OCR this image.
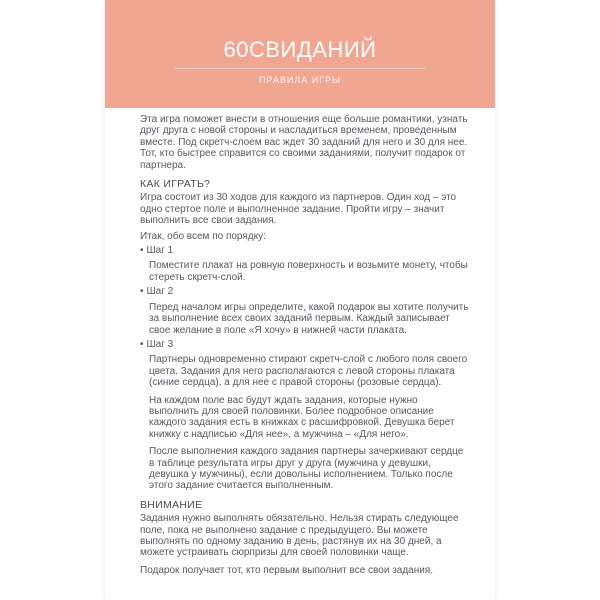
60СВИДАНИЙ
ПРАВИЛА ИГРЫ

Эта игра поможет внести в отношения еще больше романтики, узнать друг друга с новой стороны и насладиться временем, проведенным вместе. Под скретч-слоем вас ждет 30 заданий для него и 30 для нее. Тот, кто быстрее справится со своими заданиями, получит подарок от партнера.

КАК ИГРАТЬ?

Игра состоит из 30 ходов для каждого из партнеров. Один ход – это одно стертое поле и выполненное задание. Пройти игру – значит выполнить все свои задания.

Итак, обо всем по порядку:

• Шаг 1

Поместите плакат на ровную поверхность и возьмите монету, чтобы стереть скретч-слой.

• Шаг 2

Перед началом игры определите, какой подарок вы хотите получить за выполнение всех своих заданий первым. Каждый записывает свое желание в поле «Я хочу» в нижней части плаката.

• Шаг 3

Партнеры одновременно стирают скретч-слой с любого поля своего цвета. Задания для него располагаются с левой стороны плаката (синие сердца), а для нее с правой стороны (розовые сердца).

На каждом поле вас будут ждать задания, которые нужно выполнить для своей половинки. Более подробное описание каждого задания есть в книжках с расшифровкой. Девушка берет книжку с надписью «Для нее», а мужчина – «Для него».

После выполнения каждого задания партнеры зачеркивают сердце в таблице результата игры друг у друга (мужчина у девушки, девушка у мужчины), если довольны исполнением. Только после этого задание считается выполненным.

ВНИМАНИЕ

Задания нужно выполнять обязательно. Нельзя стирать следующее поле, пока не выполнено задание с предыдущего. Вы можете выполнять по одному заданию в день, растянув их на 30 дней, а можете устраивать сюрпризы для своей половинки чаще.

Подарок получает тот, кто первым выполнит все свои задания.
